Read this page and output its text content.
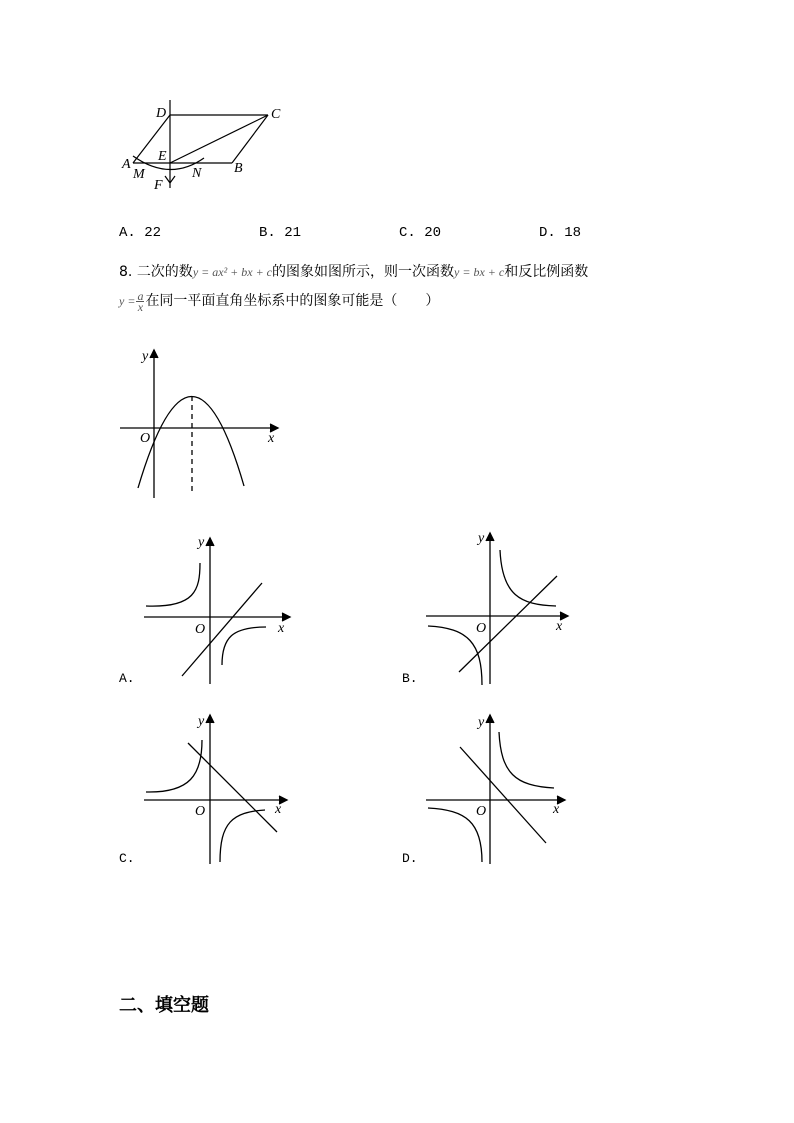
D	C
A
E
B
M	N
F
A. 22	B. 21	C. 20	D. 18
8. 二次的数y = ax² + bx + c的图象如图所示，则一次函数y = bx + c和反比例函数
$y = \frac{a}{x}$ 在同一平面直角坐标系中的图象可能是（　　）
y
x
O
y
x
O
A.
y
x
O
B.
y
x
O
C.
y
x
O
D.
二、填空题
